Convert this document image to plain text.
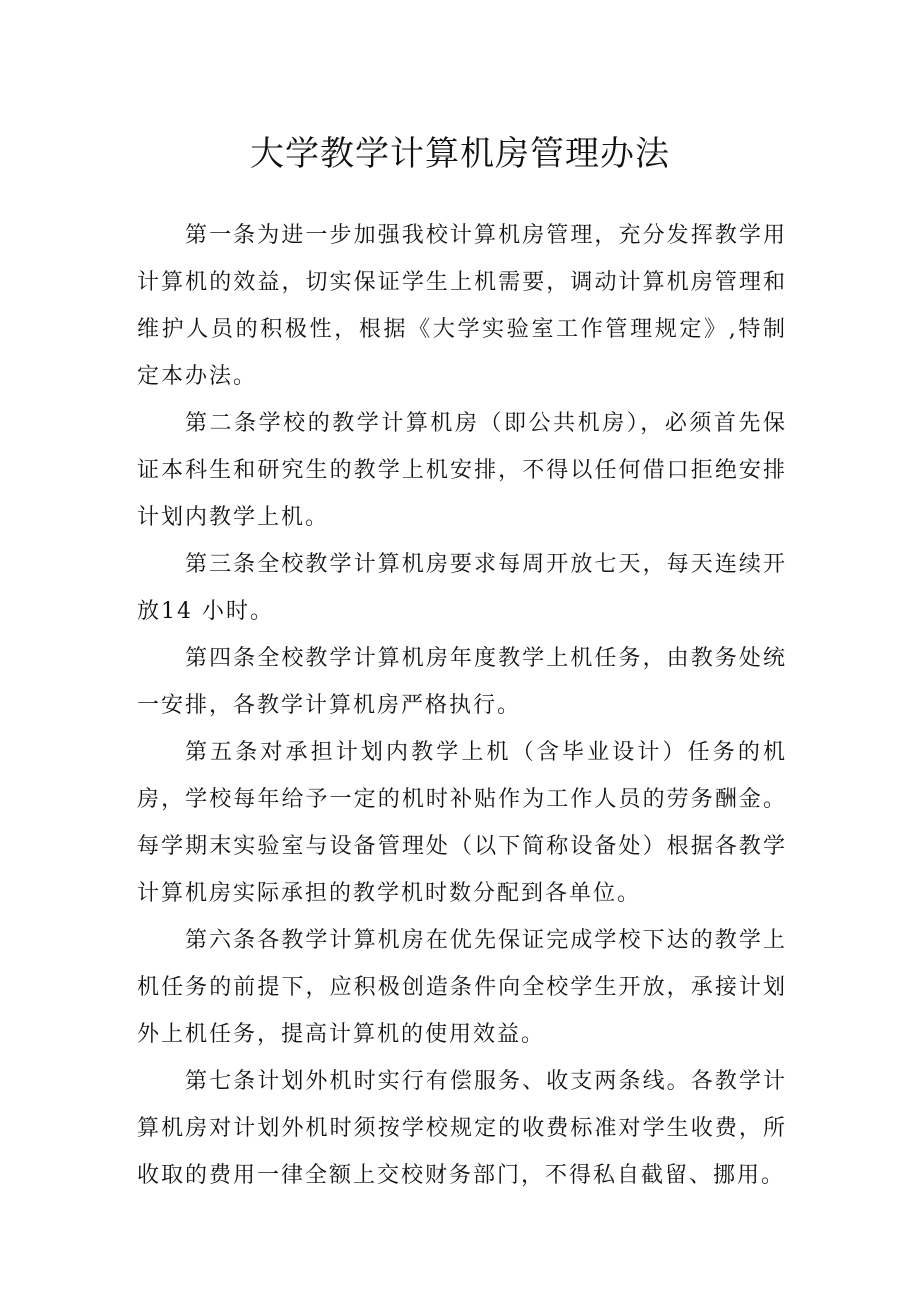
大学教学计算机房管理办法

第一条为进一步加强我校计算机房管理，充分发挥教学用计算机的效益，切实保证学生上机需要，调动计算机房管理和维护人员的积极性，根据《大学实验室工作管理规定》,特制定本办法。

第二条学校的教学计算机房（即公共机房），必须首先保证本科生和研究生的教学上机安排，不得以任何借口拒绝安排计划内教学上机。

第三条全校教学计算机房要求每周开放七天，每天连续开放14 小时。

第四条全校教学计算机房年度教学上机任务，由教务处统一安排，各教学计算机房严格执行。

第五条对承担计划内教学上机（含毕业设计）任务的机房，学校每年给予一定的机时补贴作为工作人员的劳务酬金。每学期末实验室与设备管理处（以下简称设备处）根据各教学计算机房实际承担的教学机时数分配到各单位。

第六条各教学计算机房在优先保证完成学校下达的教学上机任务的前提下，应积极创造条件向全校学生开放，承接计划外上机任务，提高计算机的使用效益。

第七条计划外机时实行有偿服务、收支两条线。各教学计算机房对计划外机时须按学校规定的收费标准对学生收费，所收取的费用一律全额上交校财务部门，不得私自截留、挪用。
